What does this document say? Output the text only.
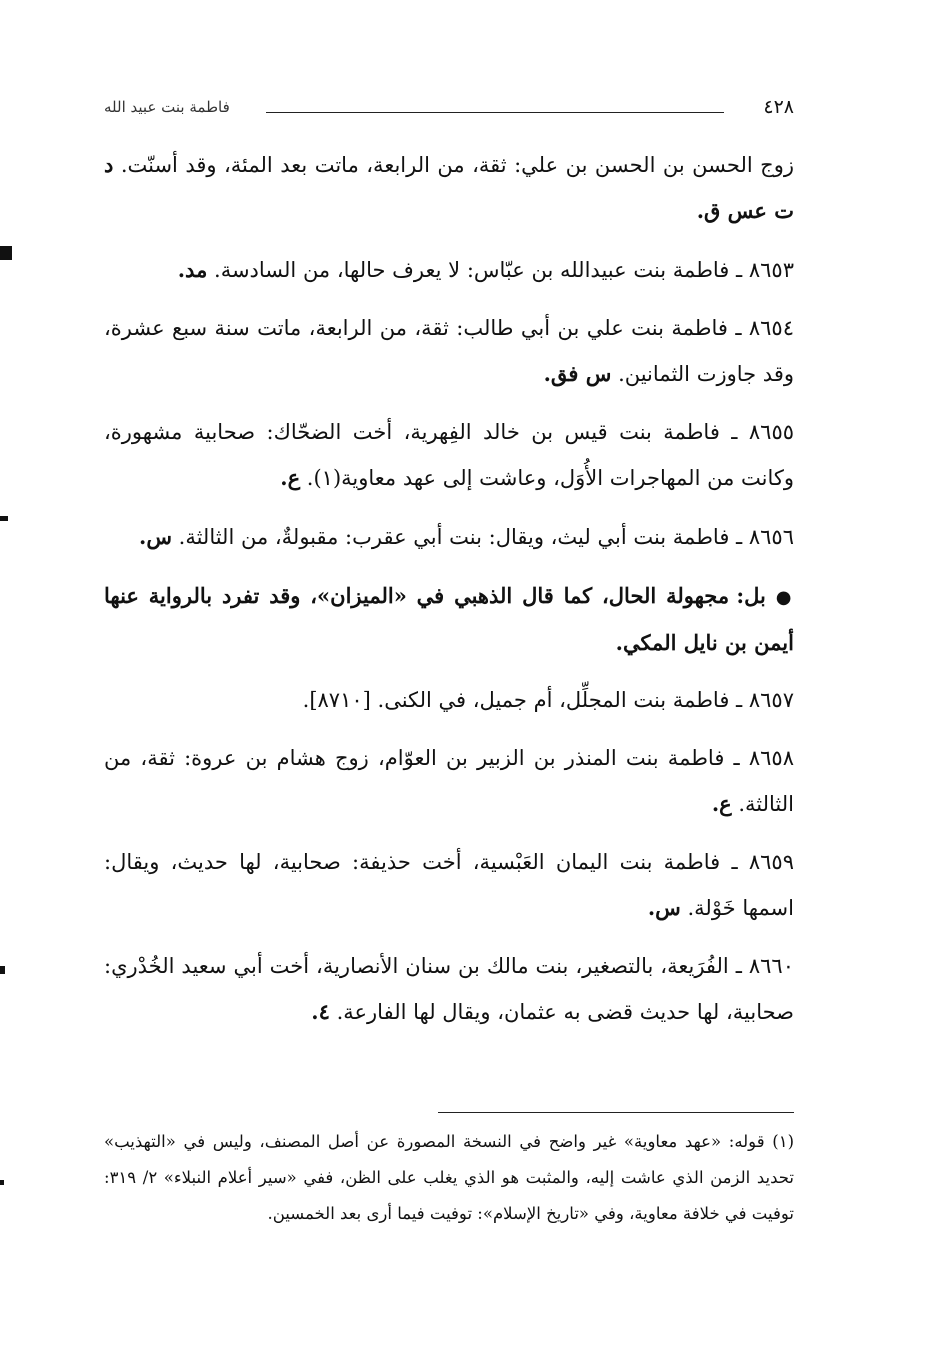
٤٢٨
فاطمة بنت عبيد الله

زوج الحسن بن الحسن بن علي: ثقة، من الرابعة، ماتت بعد المئة، وقد أسنّت. د ت عس ق.

٨٦٥٣ ـ فاطمة بنت عبيدالله بن عبّاس: لا يعرف حالها، من السادسة. مد.

٨٦٥٤ ـ فاطمة بنت علي بن أبي طالب: ثقة، من الرابعة، ماتت سنة سبع عشرة، وقد جاوزت الثمانين. س فق.

٨٦٥٥ ـ فاطمة بنت قيس بن خالد الفِهرية، أخت الضحّاك: صحابية مشهورة، وكانت من المهاجرات الأُوَل، وعاشت إلى عهد معاوية(١). ع.

٨٦٥٦ ـ فاطمة بنت أبي ليث، ويقال: بنت أبي عقرب: مقبولةٌ، من الثالثة. س.

● بل: مجهولة الحال، كما قال الذهبي في «الميزان»، وقد تفرد بالرواية عنها أيمن بن نايل المكي.

٨٦٥٧ ـ فاطمة بنت المجلِّل، أم جميل، في الكنى. [٨٧١٠].

٨٦٥٨ ـ فاطمة بنت المنذر بن الزبير بن العوّام، زوج هشام بن عروة: ثقة، من الثالثة. ع.

٨٦٥٩ ـ فاطمة بنت اليمان العَبْسية، أخت حذيفة: صحابية، لها حديث، ويقال: اسمها خَوْلة. س.

٨٦٦٠ ـ الفُرَيعة، بالتصغير، بنت مالك بن سنان الأنصارية، أخت أبي سعيد الخُدْري: صحابية، لها حديث قضى به عثمان، ويقال لها الفارعة. ٤.

(١) قوله: «عهد معاوية» غير واضح في النسخة المصورة عن أصل المصنف، وليس في «التهذيب» تحديد الزمن الذي عاشت إليه، والمثبت هو الذي يغلب على الظن، ففي «سير أعلام النبلاء» ٢/ ٣١٩: توفيت في خلافة معاوية، وفي «تاريخ الإسلام»: توفيت فيما أرى بعد الخمسين.
